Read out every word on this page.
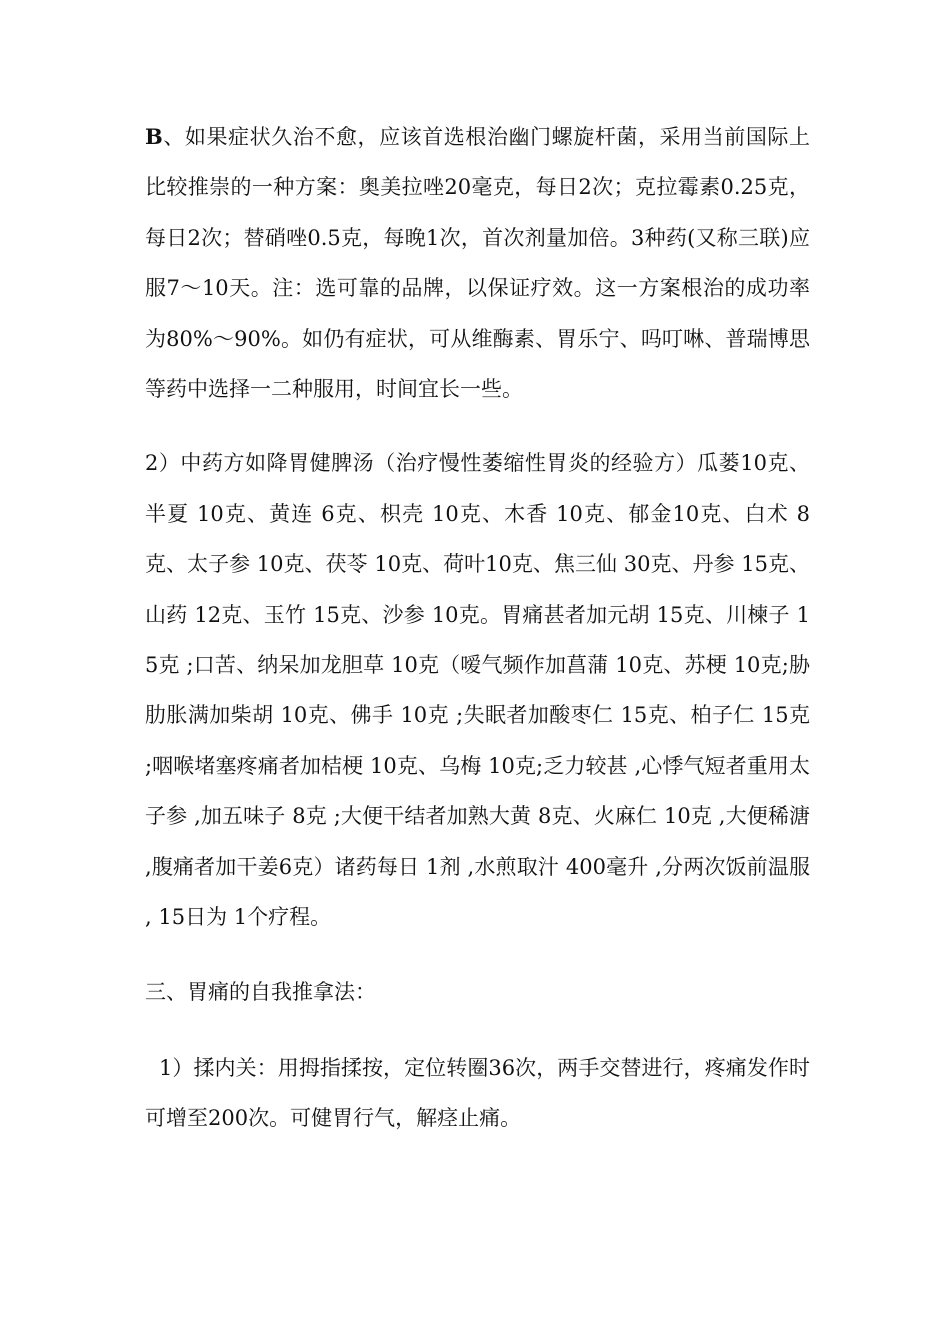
B、如果症状久治不愈，应该首选根治幽门螺旋杆菌，采用当前国际上比较推崇的一种方案：奥美拉唑20毫克，每日2次；克拉霉素0.25克，每日2次；替硝唑0.5克，每晚1次，首次剂量加倍。3种药(又称三联)应服7～10天。注：选可靠的品牌，以保证疗效。这一方案根治的成功率为80%～90%。如仍有症状，可从维酶素、胃乐宁、吗叮啉、普瑞博思等药中选择一二种服用，时间宜长一些。

2）中药方如降胃健脾汤（治疗慢性萎缩性胃炎的经验方）瓜蒌10克、半夏 10克、黄连 6克、枳壳 10克、木香 10克、郁金10克、白术 8克、太子参 10克、茯苓 10克、荷叶10克、焦三仙 30克、丹参 15克、山药 12克、玉竹 15克、沙参 10克。胃痛甚者加元胡 15克、川楝子 15克 ;口苦、纳呆加龙胆草 10克（嗳气频作加菖蒲 10克、苏梗 10克;胁肋胀满加柴胡 10克、佛手 10克 ;失眠者加酸枣仁 15克、柏子仁 15克 ;咽喉堵塞疼痛者加桔梗 10克、乌梅 10克;乏力较甚 ,心悸气短者重用太子参 ,加五味子 8克 ;大便干结者加熟大黄 8克、火麻仁 10克 ,大便稀溏 ,腹痛者加干姜6克）诸药每日 1剂 ,水煎取汁 400毫升 ,分两次饭前温服 , 15日为 1个疗程。

三、胃痛的自我推拿法：

1）揉内关：用拇指揉按，定位转圈36次，两手交替进行，疼痛发作时可增至200次。可健胃行气，解痉止痛。
